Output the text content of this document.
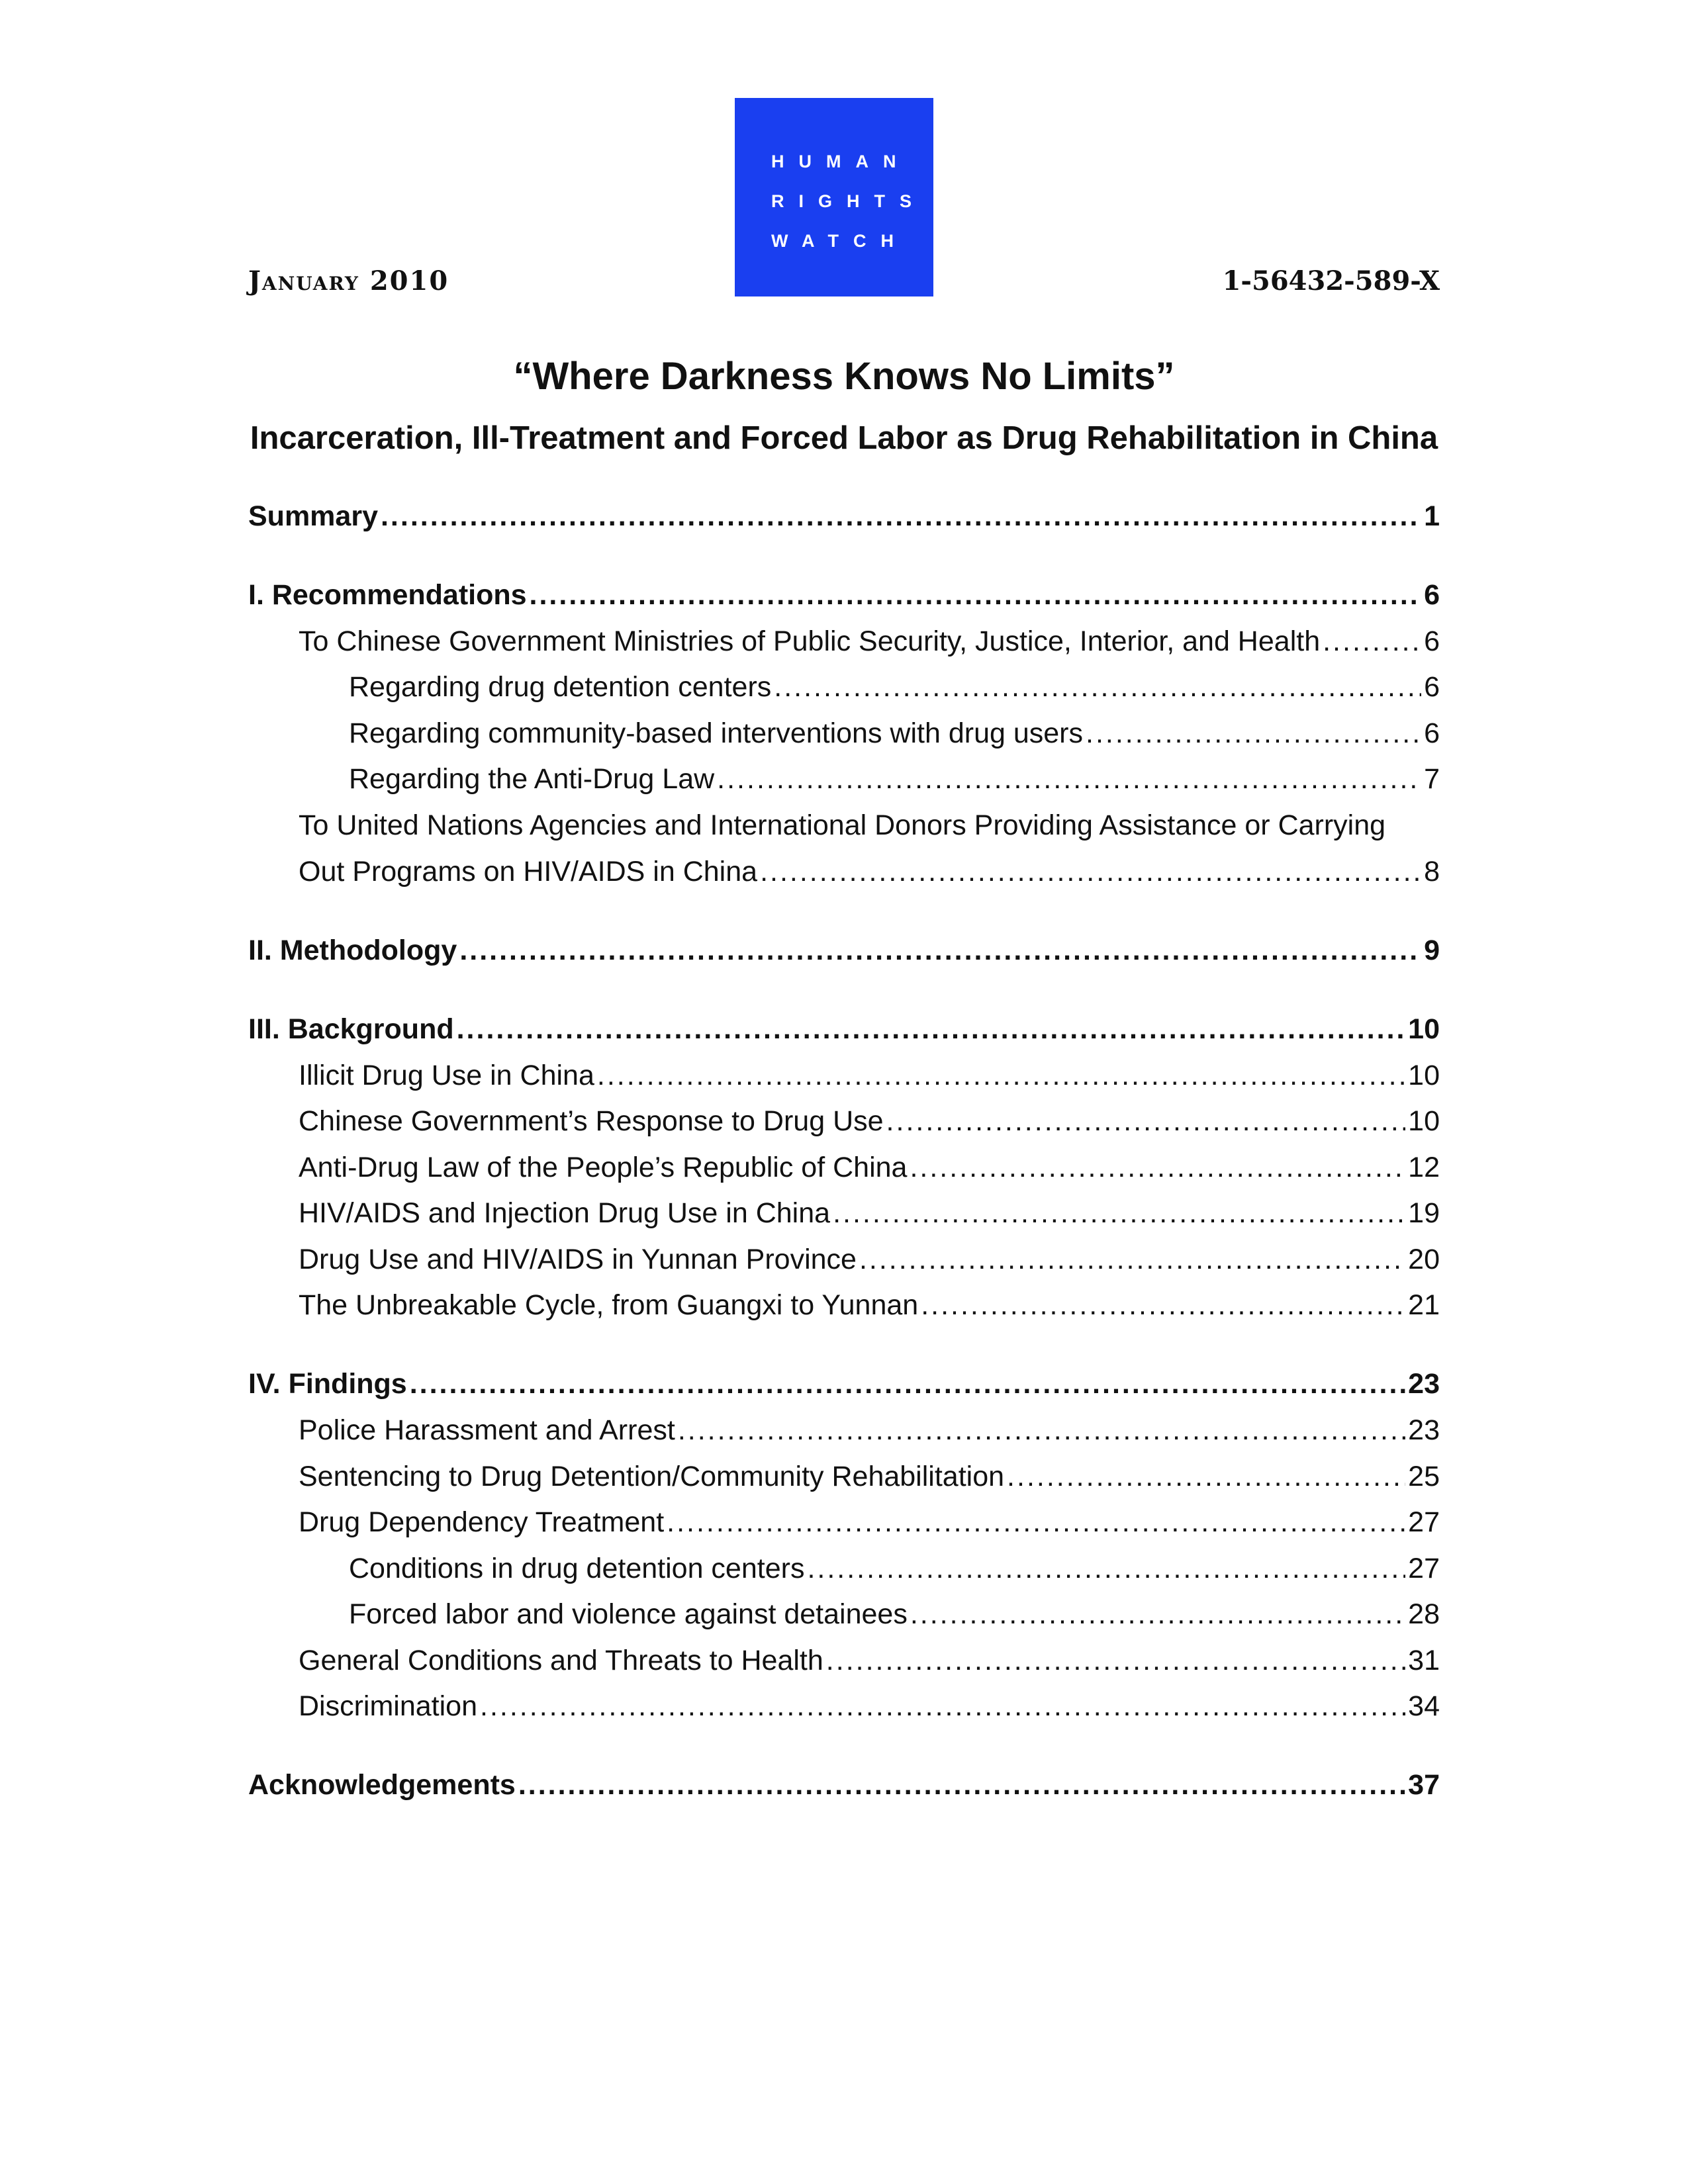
HUMAN
RIGHTS
WATCH
January 2010	1-56432-589-X
“Where Darkness Knows No Limits”
Incarceration, Ill-Treatment and Forced Labor as Drug Rehabilitation in China
Summary .....	1
I. Recommendations .....	6
To Chinese Government Ministries of Public Security, Justice, Interior, and Health .....	6
Regarding drug detention centers .....	6
Regarding community-based interventions with drug users .....	6
Regarding the Anti-Drug Law .....	7
To United Nations Agencies and International Donors Providing Assistance or Carrying
Out Programs on HIV/AIDS in China .....	8
II. Methodology .....	9
III. Background .....	10
Illicit Drug Use in China .....	10
Chinese Government’s Response to Drug Use .....	10
Anti-Drug Law of the People’s Republic of China .....	12
HIV/AIDS and Injection Drug Use in China .....	19
Drug Use and HIV/AIDS in Yunnan Province .....	20
The Unbreakable Cycle, from Guangxi to Yunnan .....	21
IV. Findings .....	23
Police Harassment and Arrest .....	23
Sentencing to Drug Detention/Community Rehabilitation .....	25
Drug Dependency Treatment .....	27
Conditions in drug detention centers .....	27
Forced labor and violence against detainees .....	28
General Conditions and Threats to Health .....	31
Discrimination .....	34
Acknowledgements .....	37
